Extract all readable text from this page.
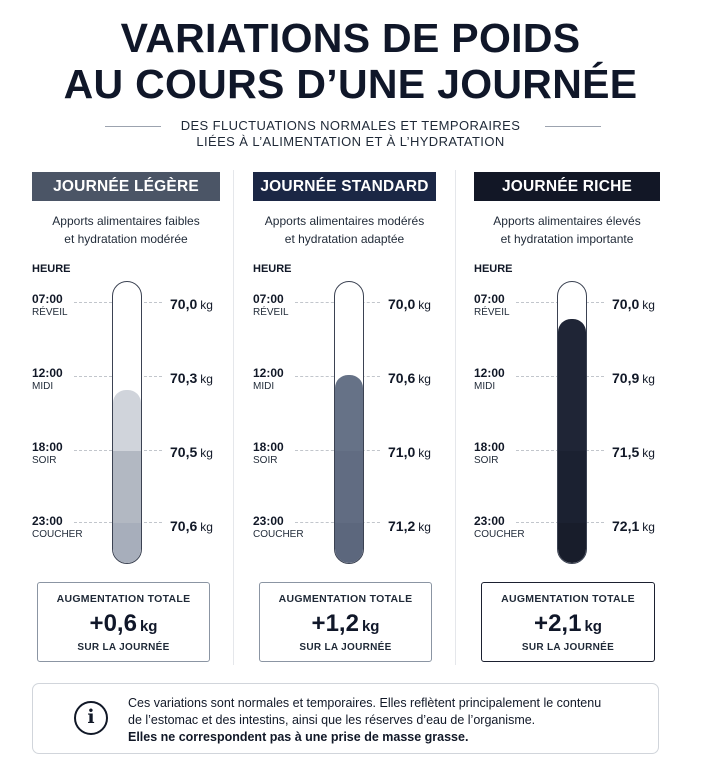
VARIATIONS DE POIDS
AU COURS D’UNE JOURNÉE
DES FLUCTUATIONS NORMALES ET TEMPORAIRES
LIÉES À L’ALIMENTATION ET À L’HYDRATATION
JOURNÉE LÉGÈRE
Apports alimentaires faibles
et hydratation modérée
HEURE
07:00
RÉVEIL
70,0 kg
12:00
MIDI
70,3 kg
18:00
SOIR
70,5 kg
23:00
COUCHER
70,6 kg
AUGMENTATION TOTALE
+0,6 kg
SUR LA JOURNÉE
JOURNÉE STANDARD
Apports alimentaires modérés
et hydratation adaptée
HEURE
07:00
RÉVEIL
70,0 kg
12:00
MIDI
70,6 kg
18:00
SOIR
71,0 kg
23:00
COUCHER
71,2 kg
AUGMENTATION TOTALE
+1,2 kg
SUR LA JOURNÉE
JOURNÉE RICHE
Apports alimentaires élevés
et hydratation importante
HEURE
07:00
RÉVEIL
70,0 kg
12:00
MIDI
70,9 kg
18:00
SOIR
71,5 kg
23:00
COUCHER
72,1 kg
AUGMENTATION TOTALE
+2,1 kg
SUR LA JOURNÉE
i
Ces variations sont normales et temporaires. Elles reflètent principalement le contenu
de l’estomac et des intestins, ainsi que les réserves d’eau de l’organisme.
Elles ne correspondent pas à une prise de masse grasse.
